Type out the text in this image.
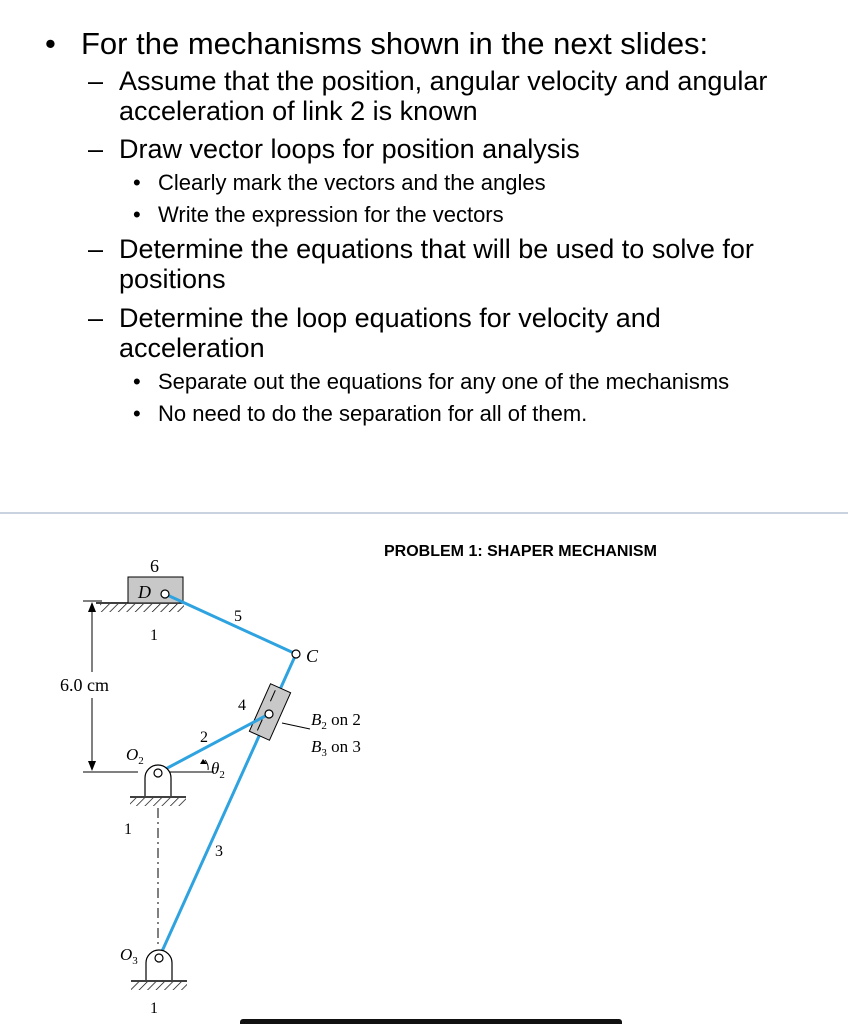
• For the mechanisms shown in the next slides:
– Assume that the position, angular velocity and angular acceleration of link 2 is known
– Draw vector loops for position analysis
• Clearly mark the vectors and the angles
• Write the expression for the vectors
– Determine the equations that will be used to solve for positions
– Determine the loop equations for velocity and acceleration
• Separate out the equations for any one of the mechanisms
• No need to do the separation for all of them.
PROBLEM 1: SHAPER MECHANISM
D
6
1
6.0 cm
5
C
3
4
2
$B_2$ on 2
$B_3$ on 3
$\theta_2$
$O_2$
1
$O_3$
1
